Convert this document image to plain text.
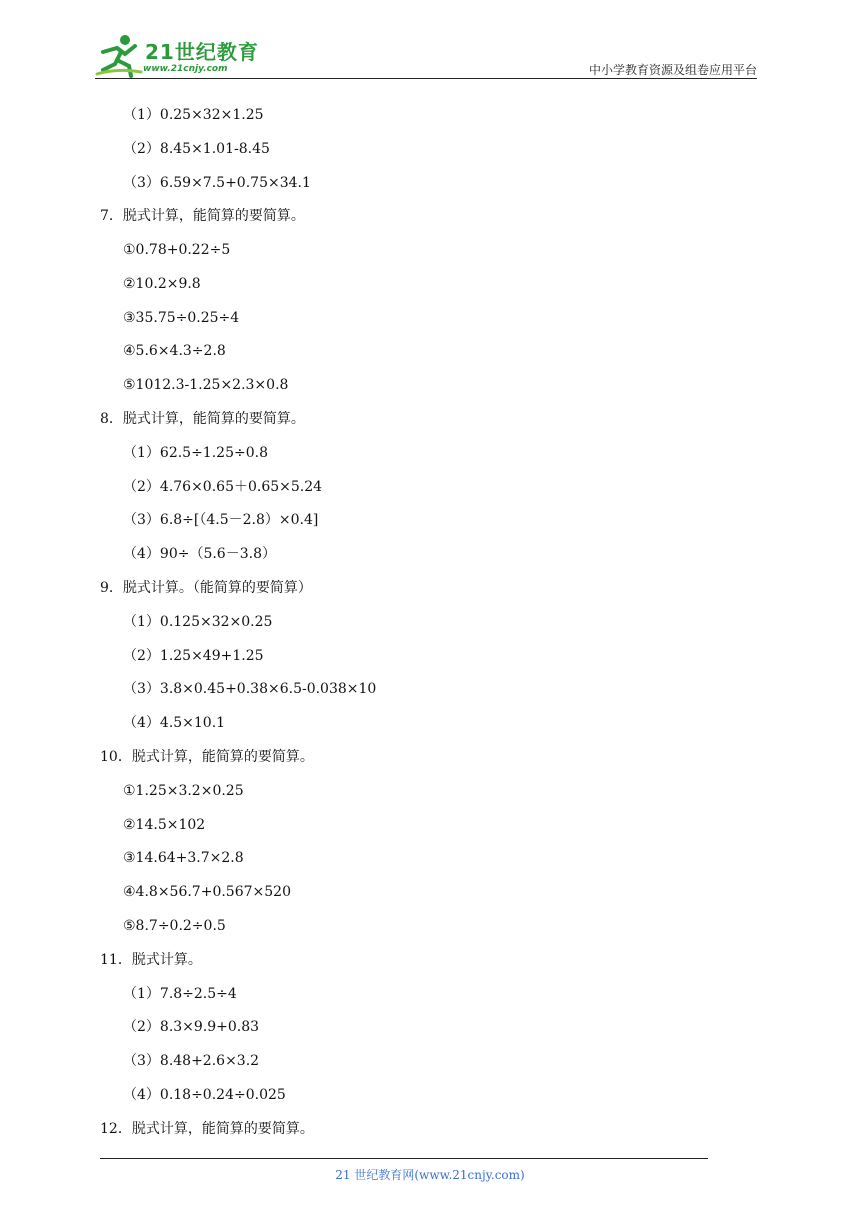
21世纪教育
www.21cnjy.com	中小学教育资源及组卷应用平台
（1）0.25×32×1.25
（2）8.45×1.01-8.45
（3）6.59×7.5+0.75×34.1
7．脱式计算，能简算的要简算。
①0.78+0.22÷5
②10.2×9.8
③35.75÷0.25÷4
④5.6×4.3÷2.8
⑤1012.3-1.25×2.3×0.8
8．脱式计算，能简算的要简算。
（1）62.5÷1.25÷0.8
（2）4.76×0.65＋0.65×5.24
（3）6.8÷[（4.5－2.8）×0.4]
（4）90÷（5.6－3.8）
9．脱式计算。（能简算的要简算）
（1）0.125×32×0.25
（2）1.25×49+1.25
（3）3.8×0.45+0.38×6.5-0.038×10
（4）4.5×10.1
10．脱式计算，能简算的要简算。
①1.25×3.2×0.25
②14.5×102
③14.64+3.7×2.8
④4.8×56.7+0.567×520
⑤8.7÷0.2÷0.5
11．脱式计算。
（1）7.8÷2.5÷4
（2）8.3×9.9+0.83
（3）8.48+2.6×3.2
（4）0.18÷0.24÷0.025
12．脱式计算，能简算的要简算。
21 世纪教育网(www.21cnjy.com)
